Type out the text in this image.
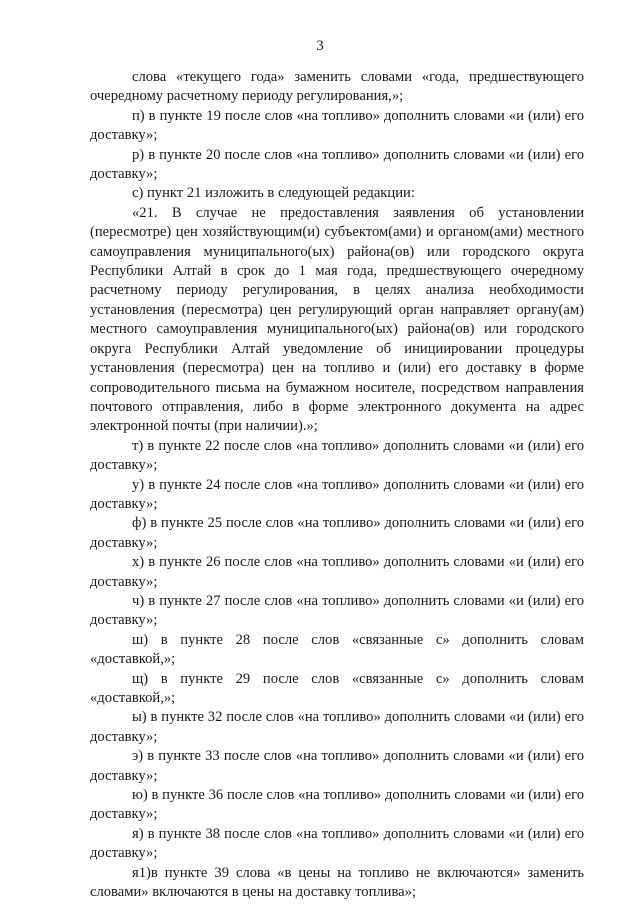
3

слова «текущего года» заменить словами «года, предшествующего очередному расчетному периоду регулирования,»;

п) в пункте 19 после слов «на топливо» дополнить словами «и (или) его доставку»;

р) в пункте 20 после слов «на топливо» дополнить словами «и (или) его доставку»;

с) пункт 21 изложить в следующей редакции:

«21. В случае не предоставления заявления об установлении (пересмотре) цен хозяйствующим(и) субъектом(ами) и органом(ами) местного самоуправления муниципального(ых) района(ов) или городского округа Республики Алтай в срок до 1 мая года, предшествующего очередному расчетному периоду регулирования, в целях анализа необходимости установления (пересмотра) цен регулирующий орган направляет органу(ам) местного самоуправления муниципального(ых) района(ов) или городского округа Республики Алтай уведомление об инициировании процедуры установления (пересмотра) цен на топливо и (или) его доставку в форме сопроводительного письма на бумажном носителе, посредством направления почтового отправления, либо в форме электронного документа на адрес электронной почты (при наличии).»;

т) в пункте 22 после слов «на топливо» дополнить словами «и (или) его доставку»;

у) в пункте 24 после слов «на топливо» дополнить словами «и (или) его доставку»;

ф) в пункте 25 после слов «на топливо» дополнить словами «и (или) его доставку»;

х) в пункте 26 после слов «на топливо» дополнить словами «и (или) его доставку»;

ч) в пункте 27 после слов «на топливо» дополнить словами «и (или) его доставку»;

ш) в пункте 28 после слов «связанные с» дополнить словам «доставкой,»;

щ) в пункте 29 после слов «связанные с» дополнить словам «доставкой,»;

ы) в пункте 32 после слов «на топливо» дополнить словами «и (или) его доставку»;

э) в пункте 33 после слов «на топливо» дополнить словами «и (или) его доставку»;

ю) в пункте 36 после слов «на топливо» дополнить словами «и (или) его доставку»;

я) в пункте 38 после слов «на топливо» дополнить словами «и (или) его доставку»;

я1)в пункте 39 слова «в цены на топливо не включаются» заменить словами» включаются в цены на доставку топлива»;
